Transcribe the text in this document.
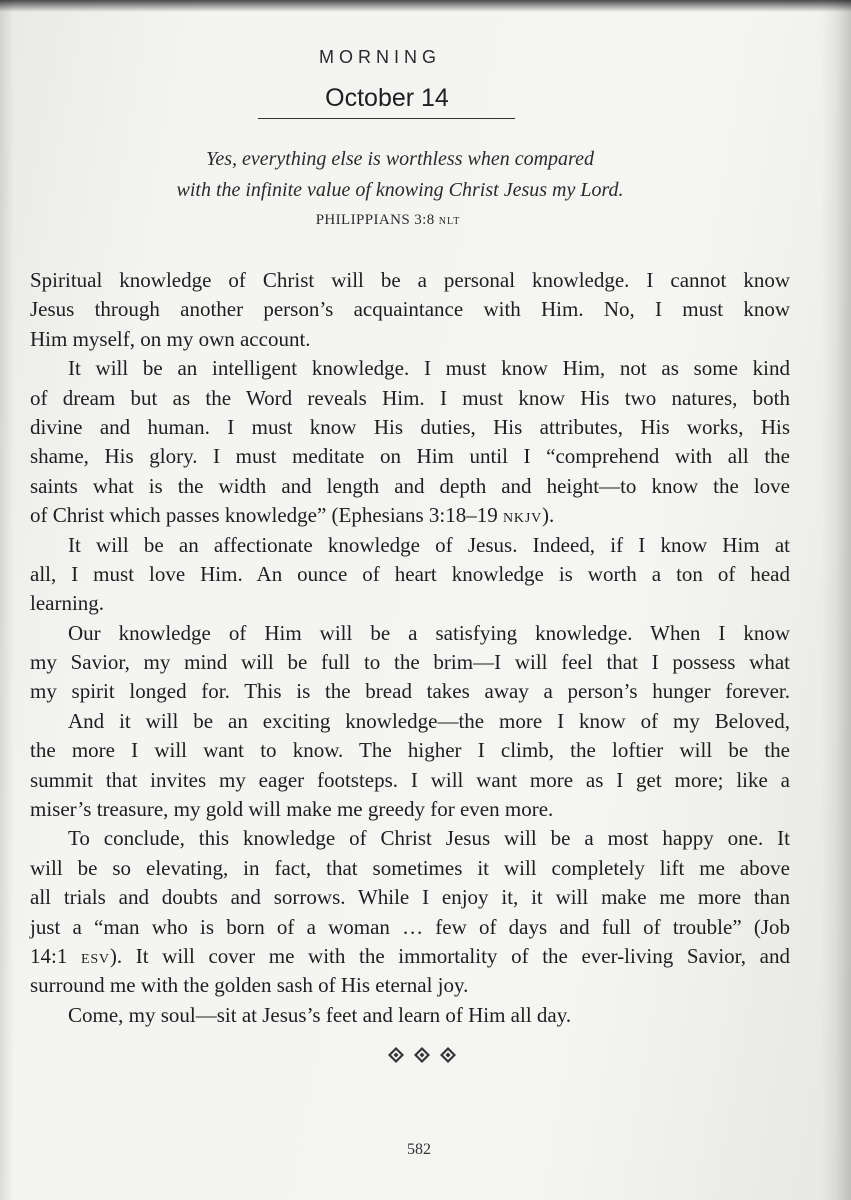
MORNING
October 14
Yes, everything else is worthless when compared
with the infinite value of knowing Christ Jesus my Lord.
PHILIPPIANS 3:8 NLT
Spiritual knowledge of Christ will be a personal knowledge. I cannot know
Jesus through another person’s acquaintance with Him. No, I must know
Him myself, on my own account.
It will be an intelligent knowledge. I must know Him, not as some kind
of dream but as the Word reveals Him. I must know His two natures, both
divine and human. I must know His duties, His attributes, His works, His
shame, His glory. I must meditate on Him until I “comprehend with all the
saints what is the width and length and depth and height—to know the love
of Christ which passes knowledge” (Ephesians 3:18–19 NKJV).
It will be an affectionate knowledge of Jesus. Indeed, if I know Him at
all, I must love Him. An ounce of heart knowledge is worth a ton of head
learning.
Our knowledge of Him will be a satisfying knowledge. When I know
my Savior, my mind will be full to the brim—I will feel that I possess what
my spirit longed for. This is the bread takes away a person’s hunger forever.
And it will be an exciting knowledge—the more I know of my Beloved,
the more I will want to know. The higher I climb, the loftier will be the
summit that invites my eager footsteps. I will want more as I get more; like a
miser’s treasure, my gold will make me greedy for even more.
To conclude, this knowledge of Christ Jesus will be a most happy one. It
will be so elevating, in fact, that sometimes it will completely lift me above
all trials and doubts and sorrows. While I enjoy it, it will make me more than
just a “man who is born of a woman … few of days and full of trouble” (Job
14:1 ESV). It will cover me with the immortality of the ever-living Savior, and
surround me with the golden sash of His eternal joy.
Come, my soul—sit at Jesus’s feet and learn of Him all day.
582
